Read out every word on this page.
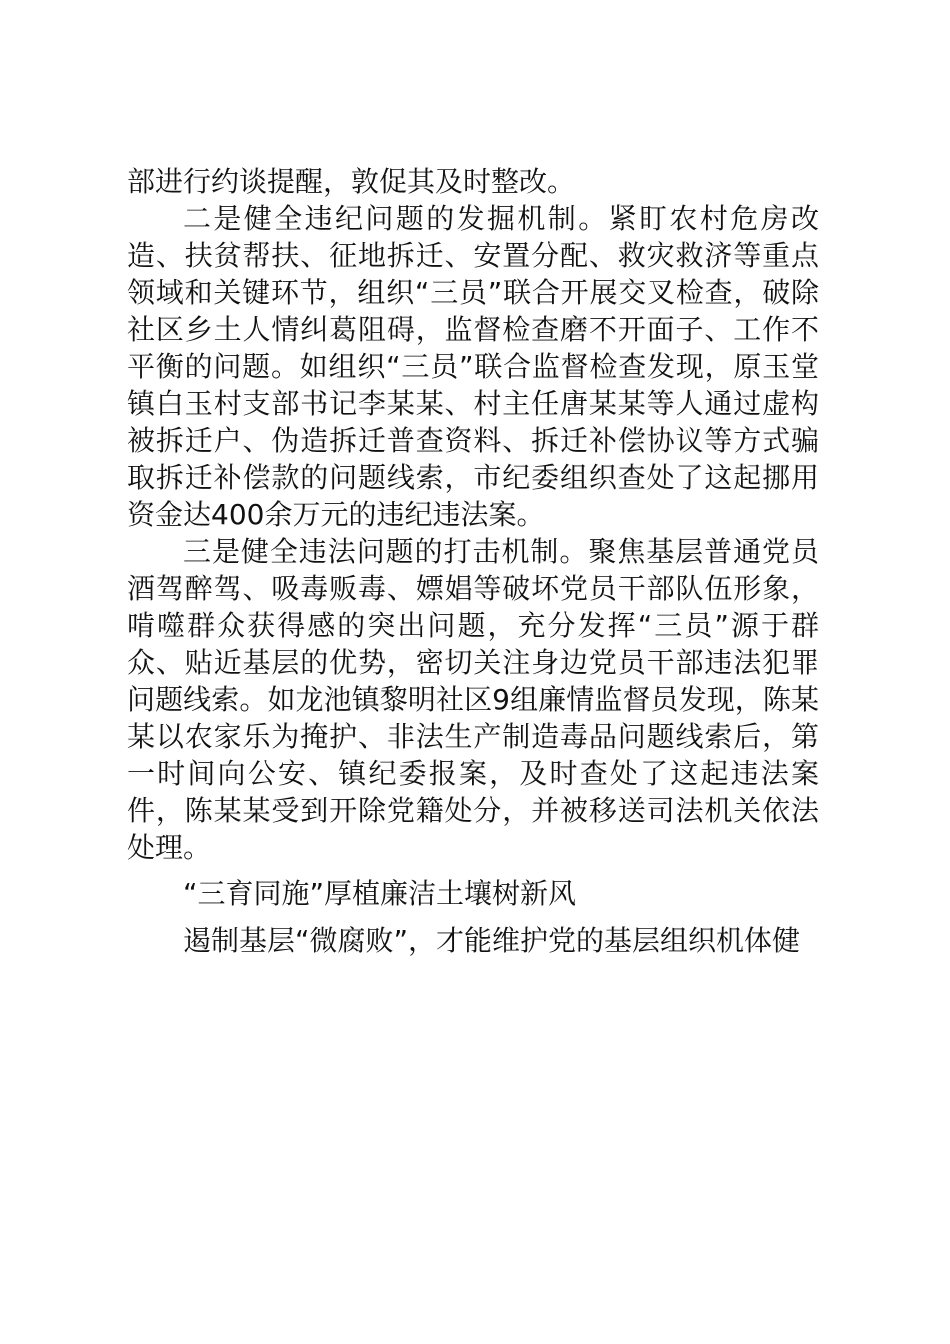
部进行约谈提醒，敦促其及时整改。

二是健全违纪问题的发掘机制。紧盯农村危房改造、扶贫帮扶、征地拆迁、安置分配、救灾救济等重点领域和关键环节，组织“三员”联合开展交叉检查，破除社区乡土人情纠葛阻碍，监督检查磨不开面子、工作不平衡的问题。如组织“三员”联合监督检查发现，原玉堂镇白玉村支部书记李某某、村主任唐某某等人通过虚构被拆迁户、伪造拆迁普查资料、拆迁补偿协议等方式骗取拆迁补偿款的问题线索，市纪委组织查处了这起挪用资金达400余万元的违纪违法案。

三是健全违法问题的打击机制。聚焦基层普通党员酒驾醉驾、吸毒贩毒、嫖娼等破坏党员干部队伍形象，啃噬群众获得感的突出问题，充分发挥“三员”源于群众、贴近基层的优势，密切关注身边党员干部违法犯罪问题线索。如龙池镇黎明社区9组廉情监督员发现，陈某某以农家乐为掩护、非法生产制造毒品问题线索后，第一时间向公安、镇纪委报案，及时查处了这起违法案件，陈某某受到开除党籍处分，并被移送司法机关依法处理。

“三育同施”厚植廉洁土壤树新风

遏制基层“微腐败”，才能维护党的基层组织机体健
